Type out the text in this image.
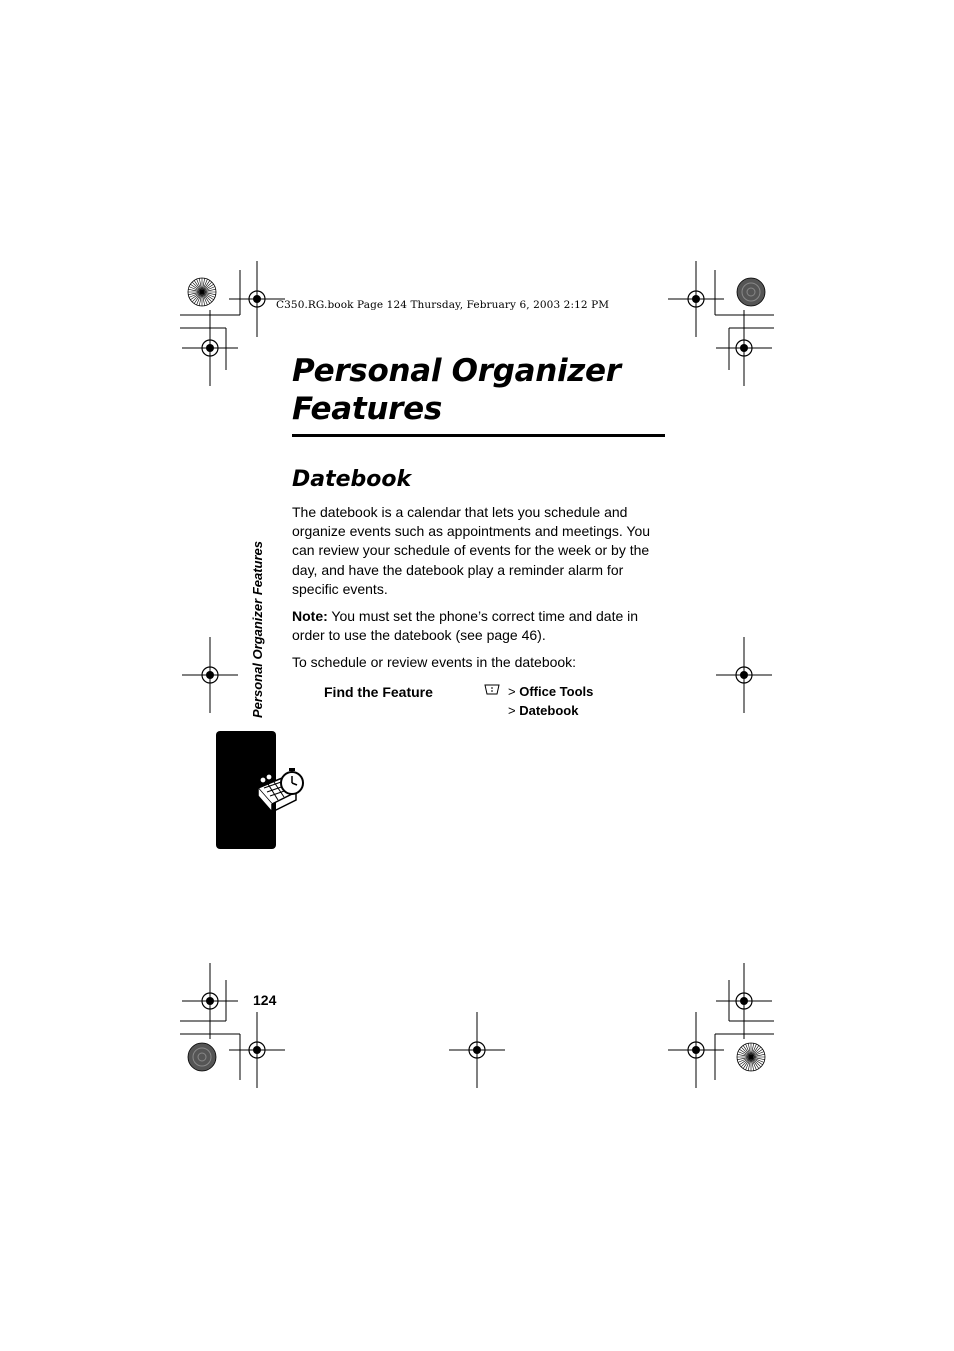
C350.RG.book Page 124 Thursday, February 6, 2003 2:12 PM
Personal Organizer
Features
Datebook

The datebook is a calendar that lets you schedule and organize events such as appointments and meetings. You can review your schedule of events for the week or by the day, and have the datebook play a reminder alarm for specific events.

Note: You must set the phone’s correct time and date in order to use the datebook (see page 46).

To schedule or review events in the datebook:

Find the Feature	> Office Tools
> Datebook
Personal Organizer Features
124
